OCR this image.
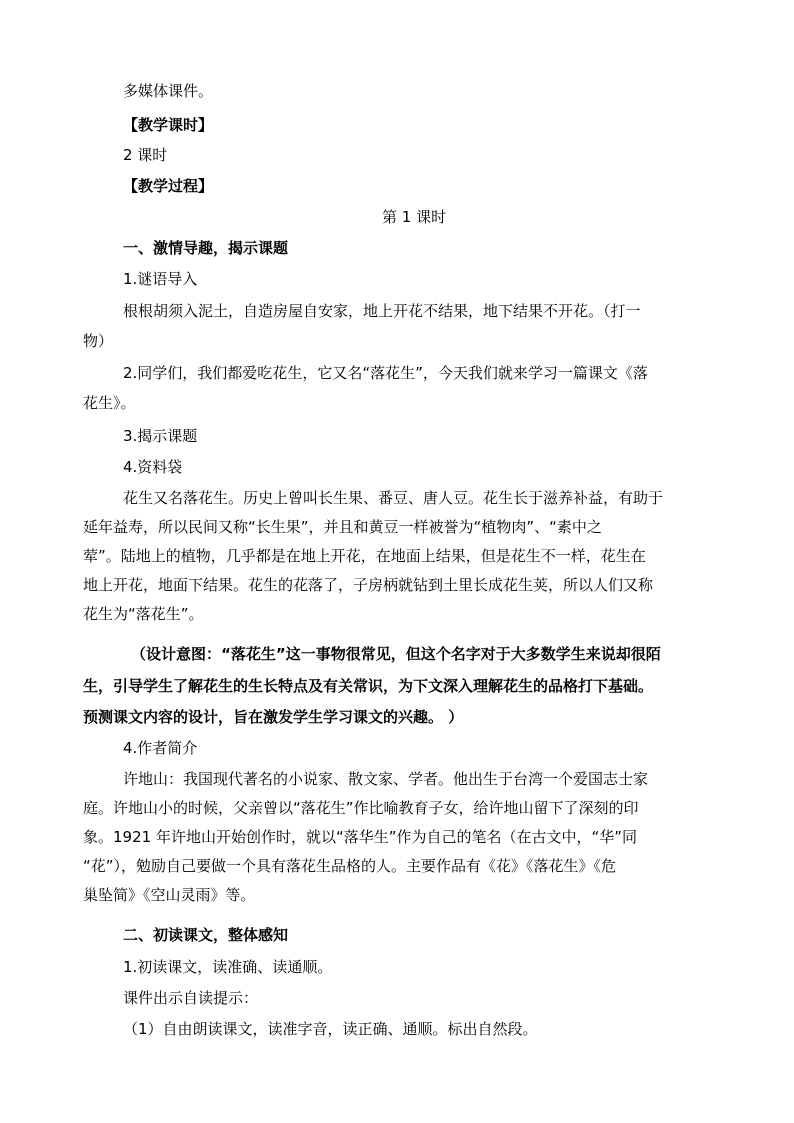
多媒体课件。

【教学课时】

2 课时

【教学过程】

第 1 课时

一、激情导趣，揭示课题

1.谜语导入

根根胡须入泥土，自造房屋自安家，地上开花不结果，地下结果不开花。（打一
物）
2.同学们，我们都爱吃花生，它又名“落花生”，今天我们就来学习一篇课文《落
花生》。

3.揭示课题

4.资料袋

花生又名落花生。历史上曾叫长生果、番豆、唐人豆。花生长于滋养补益，有助于
延年益寿，所以民间又称“长生果”，并且和黄豆一样被誉为“植物肉”、“素中之
荤”。陆地上的植物，几乎都是在地上开花，在地面上结果，但是花生不一样，花生在
地上开花，地面下结果。花生的花落了，子房柄就钻到土里长成花生荚，所以人们又称
花生为“落花生”。
（设计意图：“落花生”这一事物很常见，但这个名字对于大多数学生来说却很陌
生，引导学生了解花生的生长特点及有关常识，为下文深入理解花生的品格打下基础。
预测课文内容的设计，旨在激发学生学习课文的兴趣。 ）

4.作者简介

许地山：我国现代著名的小说家、散文家、学者。他出生于台湾一个爱国志士家
庭。许地山小的时候，父亲曾以“落花生”作比喻教育子女，给许地山留下了深刻的印
象。1921 年许地山开始创作时，就以“落华生”作为自己的笔名（在古文中，“华”同
“花”），勉励自己要做一个具有落花生品格的人。主要作品有《花》《落花生》《危
巢坠简》《空山灵雨》等。

二、初读课文，整体感知

1.初读课文，读准确、读通顺。

课件出示自读提示：

（1）自由朗读课文，读准字音，读正确、通顺。标出自然段。
